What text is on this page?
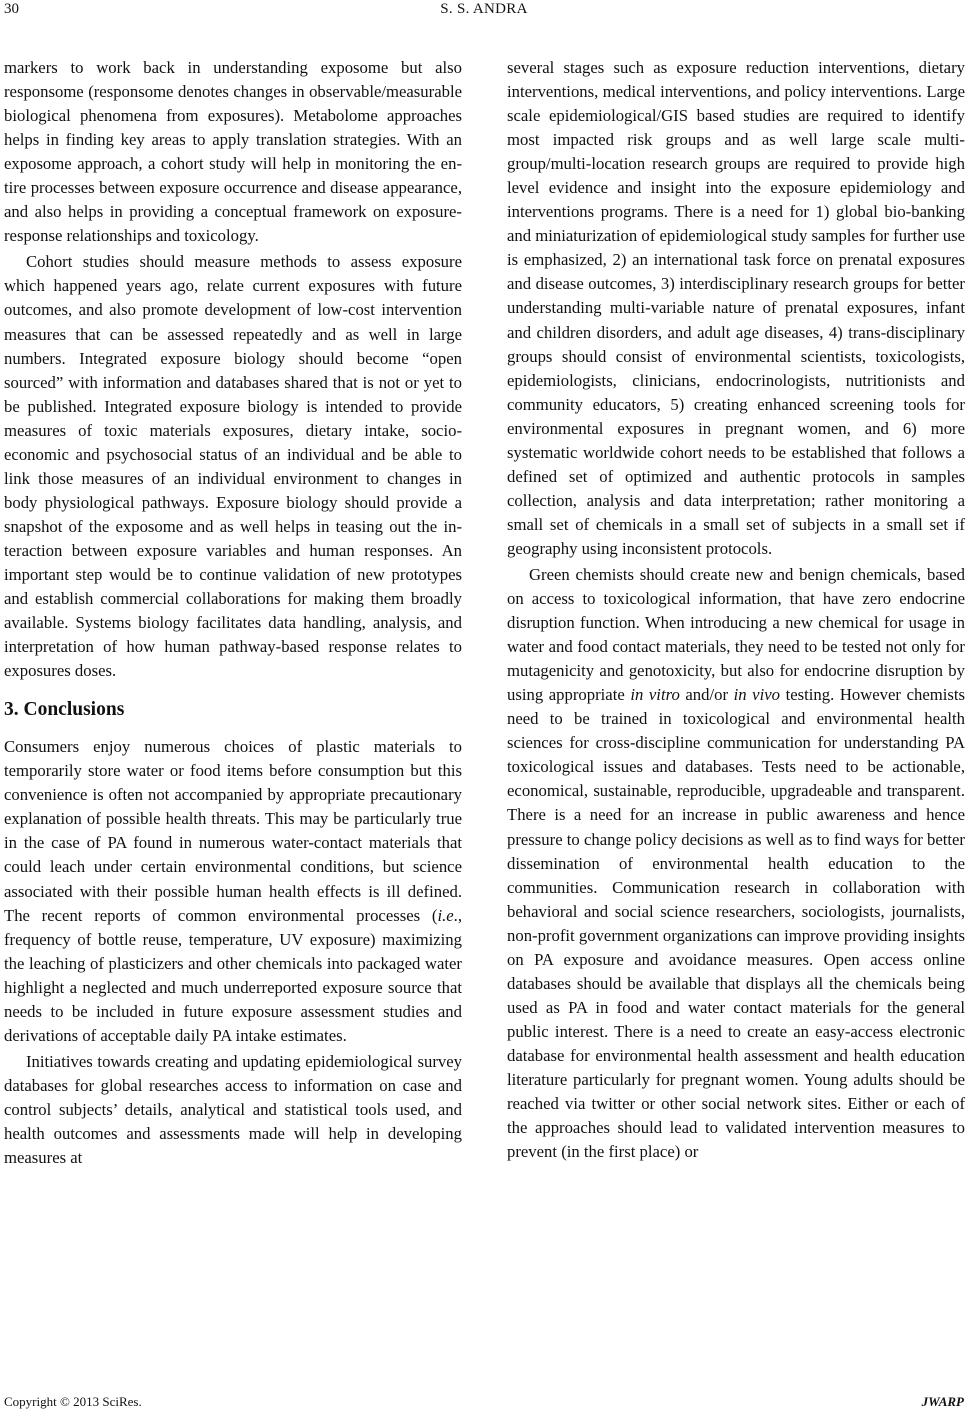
30	S. S. ANDRA

markers to work back in understanding exposome but also responsome (responsome denotes changes in observable/measurable biological phenomena from exposures). Metabolome approaches helps in finding key areas to apply translation strategies. With an exposome approach, a cohort study will help in monitoring the entire processes between exposure occurrence and disease appearance, and also helps in providing a conceptual framework on exposure-response relationships and toxicology.

Cohort studies should measure methods to assess exposure which happened years ago, relate current exposures with future outcomes, and also promote development of low-cost intervention measures that can be assessed repeatedly and as well in large numbers. Integrated exposure biology should become “open sourced” with information and databases shared that is not or yet to be published. Integrated exposure biology is intended to provide measures of toxic materials exposures, dietary intake, socio-economic and psychosocial status of an individual and be able to link those measures of an individual environment to changes in body physiological pathways. Exposure biology should provide a snapshot of the exposome and as well helps in teasing out the interaction between exposure variables and human responses. An important step would be to continue validation of new prototypes and establish commercial collaborations for making them broadly available. Systems biology facilitates data handling, analysis, and interpretation of how human pathway-based response relates to exposures doses.

3. Conclusions

Consumers enjoy numerous choices of plastic materials to temporarily store water or food items before consumption but this convenience is often not accompanied by appropriate precautionary explanation of possible health threats. This may be particularly true in the case of PA found in numerous water-contact materials that could leach under certain environmental conditions, but science associated with their possible human health effects is ill defined. The recent reports of common environmental processes (i.e., frequency of bottle reuse, temperature, UV exposure) maximizing the leaching of plasticizers and other chemicals into packaged water highlight a neglected and much underreported exposure source that needs to be included in future exposure assessment studies and derivations of acceptable daily PA intake estimates.

Initiatives towards creating and updating epidemiological survey databases for global researches access to information on case and control subjects’ details, analytical and statistical tools used, and health outcomes and assessments made will help in developing measures at

several stages such as exposure reduction interventions, dietary interventions, medical interventions, and policy interventions. Large scale epidemiological/GIS based studies are required to identify most impacted risk groups and as well large scale multi-group/multi-location research groups are required to provide high level evidence and insight into the exposure epidemiology and interventions programs. There is a need for 1) global bio-banking and miniaturization of epidemiological study samples for further use is emphasized, 2) an international task force on prenatal exposures and disease outcomes, 3) interdisciplinary research groups for better understanding multi-variable nature of prenatal exposures, infant and children disorders, and adult age diseases, 4) trans-disciplinary groups should consist of environmental scientists, toxicologists, epidemiologists, clinicians, endocrinologists, nutritionists and community educators, 5) creating enhanced screening tools for environmental exposures in pregnant women, and 6) more systematic worldwide cohort needs to be established that follows a defined set of optimized and authentic protocols in samples collection, analysis and data interpretation; rather monitoring a small set of chemicals in a small set of subjects in a small set if geography using inconsistent protocols.

Green chemists should create new and benign chemicals, based on access to toxicological information, that have zero endocrine disruption function. When introducing a new chemical for usage in water and food contact materials, they need to be tested not only for mutagenicity and genotoxicity, but also for endocrine disruption by using appropriate in vitro and/or in vivo testing. However chemists need to be trained in toxicological and environmental health sciences for cross-discipline communication for understanding PA toxicological issues and databases. Tests need to be actionable, economical, sustainable, reproducible, upgradeable and transparent. There is a need for an increase in public awareness and hence pressure to change policy decisions as well as to find ways for better dissemination of environmental health education to the communities. Communication research in collaboration with behavioral and social science researchers, sociologists, journalists, non-profit government organizations can improve providing insights on PA exposure and avoidance measures. Open access online databases should be available that displays all the chemicals being used as PA in food and water contact materials for the general public interest. There is a need to create an easy-access electronic database for environmental health assessment and health education literature particularly for pregnant women. Young adults should be reached via twitter or other social network sites. Either or each of the approaches should lead to validated intervention measures to prevent (in the first place) or

Copyright © 2013 SciRes.	JWARP
